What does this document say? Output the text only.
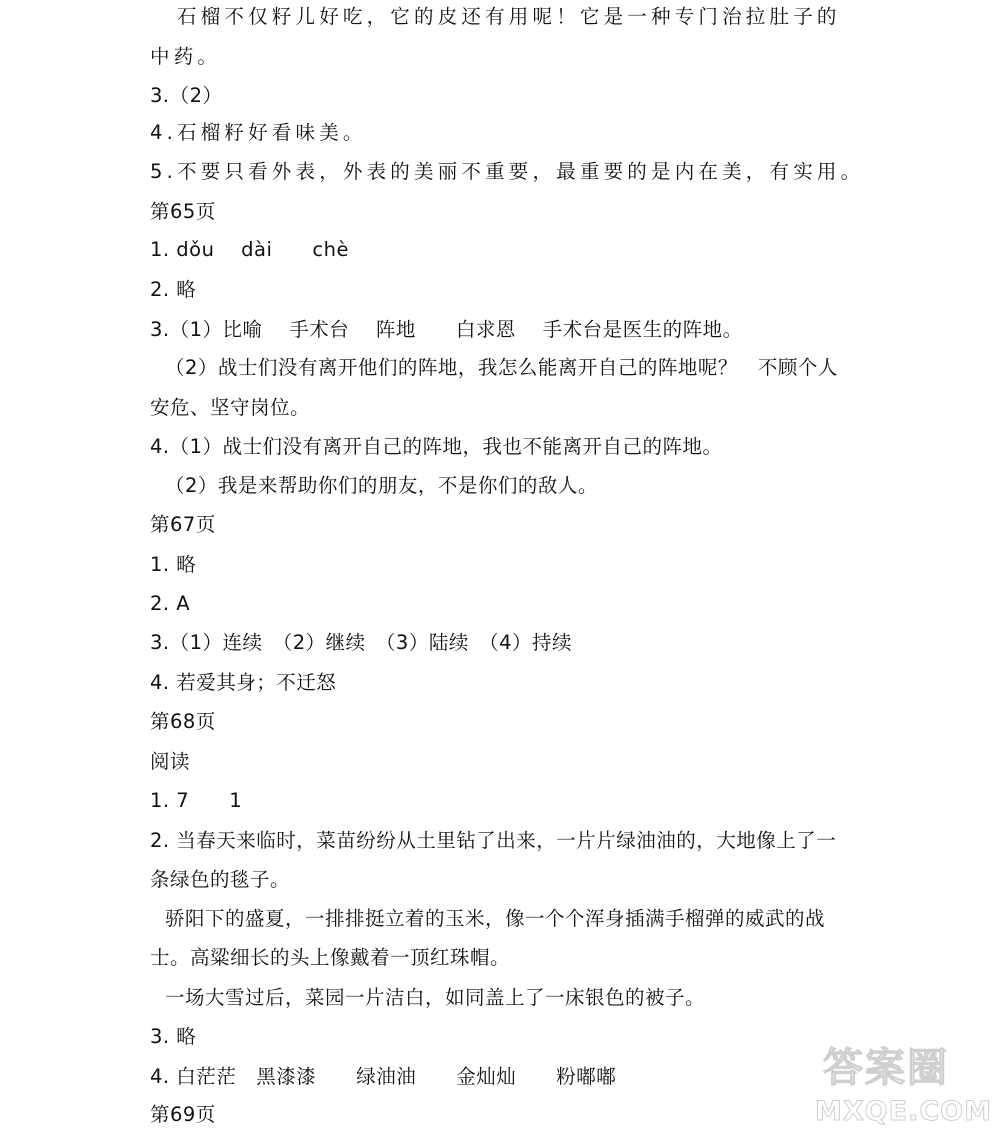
石榴不仅籽儿好吃，它的皮还有用呢！它是一种专门治拉肚子的
中药。
3.（2）
4.石榴籽好看味美。
5.不要只看外表，外表的美丽不重要，最重要的是内在美，有实用。
第65页
1. dǒu　 dài　　chè
2. 略
3.（1）比喻　 手术台　 阵地　　白求恩　 手术台是医生的阵地。
（2）战士们没有离开他们的阵地，我怎么能离开自己的阵地呢？　不顾个人
安危、坚守岗位。
4.（1）战士们没有离开自己的阵地，我也不能离开自己的阵地。
（2）我是来帮助你们的朋友，不是你们的敌人。
第67页
1. 略
2. A
3.（1）连续　（2）继续　（3）陆续　（4）持续
4. 若爱其身；不迁怒
第68页
阅读
1. 7　　1
2. 当春天来临时，菜苗纷纷从土里钻了出来，一片片绿油油的，大地像上了一
条绿色的毯子。
骄阳下的盛夏，一排排挺立着的玉米，像一个个浑身插满手榴弹的威武的战
士。高粱细长的头上像戴着一顶红珠帽。
一场大雪过后，菜园一片洁白，如同盖上了一床银色的被子。
3. 略
4. 白茫茫　黑漆漆　　绿油油　　金灿灿　　粉嘟嘟
第69页
答案圈
MXQE.COM
